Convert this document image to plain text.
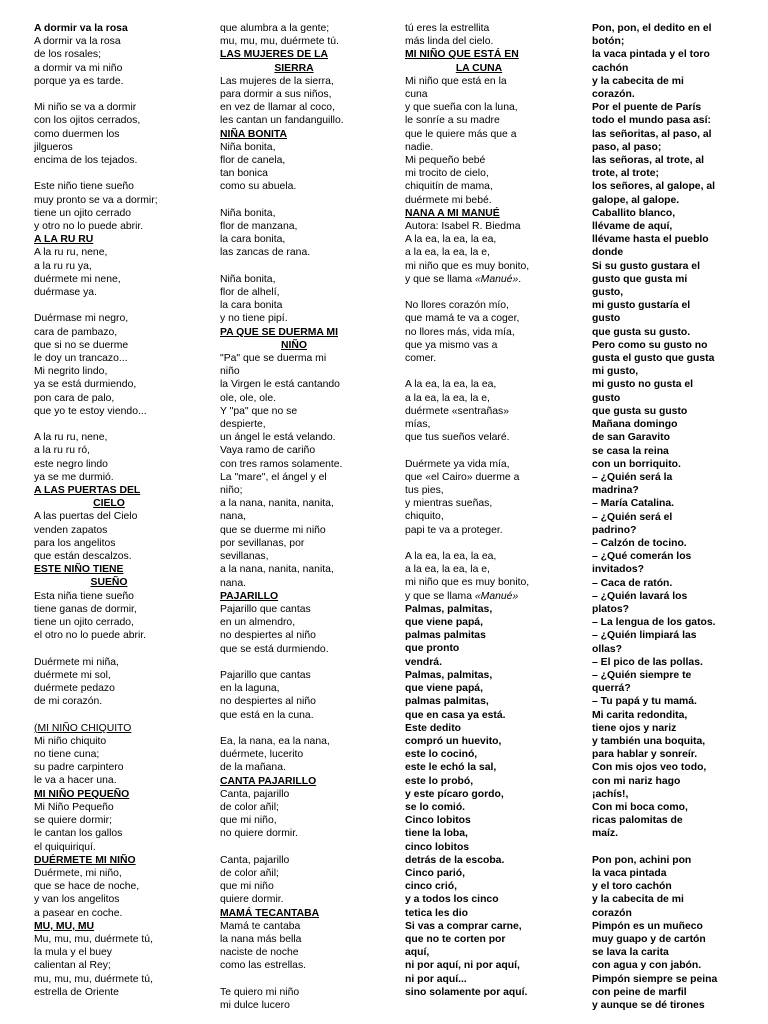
A dormir va la rosa
A dormir va la rosa
de los rosales;
a dormir va mi niño
porque ya es tarde.
Mi niño se va a dormir
con los ojitos cerrados,
como duermen los
jilgueros
encima de los tejados.
Este niño tiene sueño
muy pronto se va a dormir;
tiene un ojito cerrado
y otro no lo puede abrir.
A LA RU RU
A la ru ru, nene,
a la ru ru ya,
duérmete mi nene,
duérmase ya.
Duérmase mi negro,
cara de pambazo,
que si no se duerme
le doy un trancazo...
Mi negrito lindo,
ya se está durmiendo,
pon cara de palo,
que yo te estoy viendo...
A la ru ru, nene,
a la ru ru ró,
este negro lindo
ya se me durmió.
A LAS PUERTAS DEL
CIELO
A las puertas del Cielo
venden zapatos
para los angelitos
que están descalzos.
ESTE NIÑO TIENE
SUEÑO
Esta niña tiene sueño
tiene ganas de dormir,
tiene un ojito cerrado,
el otro no lo puede abrir.
Duérmete mi niña,
duérmete mi sol,
duérmete pedazo
de mi corazón.
(MI NIÑO CHIQUITO
Mi niño chiquito
no tiene cuna;
su padre carpintero
le va a hacer una.
MI NIÑO PEQUEÑO
Mi Niño Pequeño
se quiere dormir;
le cantan los gallos
el quiquiriquí.
DUÉRMETE MI NIÑO
Duérmete, mi niño,
que se hace de noche,
y van los angelitos
a pasear en coche.
MU, MU, MU
Mu, mu, mu, duérmete tú,
la mula y el buey
calientan al Rey;
mu, mu, mu, duérmete tú,
estrella de Oriente
que alumbra a la gente;
mu, mu, mu, duérmete tú.
LAS MUJERES DE LA
SIERRA
Las mujeres de la sierra,
para dormir a sus niños,
en vez de llamar al coco,
les cantan un fandanguillo.
NIÑA BONITA
Niña bonita,
flor de canela,
tan bonica
como su abuela.
Niña bonita,
flor de manzana,
la cara bonita,
las zancas de rana.
Niña bonita,
flor de alhelí,
la cara bonita
y no tiene pipí.
PA QUE SE DUERMA MI
NIÑO
"Pa" que se duerma mi
niño
la Virgen le está cantando
ole, ole, ole.
Y "pa" que no se
despierte,
un ángel le está velando.
Vaya ramo de cariño
con tres ramos solamente.
La "mare", el ángel y el
niño;
a la nana, nanita, nanita,
nana,
que se duerme mi niño
por sevillanas, por
sevillanas,
a la nana, nanita, nanita,
nana.
PAJARILLO
Pajarillo que cantas
en un almendro,
no despiertes al niño
que se está durmiendo.
Pajarillo que cantas
en la laguna,
no despiertes al niño
que está en la cuna.
Ea, la nana, ea la nana,
duérmete, lucerito
de la mañana.
CANTA PAJARILLO
Canta, pajarillo
de color añil;
que mi niño,
no quiere dormir.
Canta, pajarillo
de color añil;
que mi niño
quiere dormir.
MAMÁ TECANTABA
Mamá te cantaba
la nana más bella
naciste de noche
como las estrellas.
Te quiero mi niño
mi dulce lucero
tú eres la estrellita
más linda del cielo.
MI NIÑO QUE ESTÁ EN
LA CUNA
Mi niño que está en la
cuna
y que sueña con la luna,
le sonríe a su madre
que le quiere más que a
nadie.
Mi pequeño bebé
mi trocito de cielo,
chiquitín de mama,
duérmete mi bebé.
NANA A MI MANUÉ
Autora: Isabel R. Biedma
A la ea, la ea, la ea,
a la ea, la ea, la e,
mi niño que es muy bonito,
y que se llama «Manué».
No llores corazón mío,
que mamá te va a coger,
no llores más, vida mía,
que ya mismo vas a
comer.
A la ea, la ea, la ea,
a la ea, la ea, la e,
duérmete «sentrañas»
mías,
que tus sueños velaré.
Duérmete ya vida mía,
que «el Cairo» duerme a
tus pies,
y mientras sueñas,
chiquito,
papi te va a proteger.
A la ea, la ea, la ea,
a la ea, la ea, la e,
mi niño que es muy bonito,
y que se llama «Manué»
Palmas, palmitas,
que viene papá,
palmas palmitas
que pronto
vendrá.
Palmas, palmitas,
que viene papá,
palmas palmitas,
que en casa ya está.
Este dedito
compró un huevito,
este lo cocinó,
este le echó la sal,
este lo probó,
y este pícaro gordo,
se lo comió.
Cinco lobitos
tiene la loba,
cinco lobitos
detrás de la escoba.
Cinco parió,
cinco crió,
y a todos los cinco
tetica les dio
Si vas a comprar carne,
que no te corten por
aquí,
ni por aquí, ni por aquí,
ni por aquí...
sino solamente por aquí.
Pon, pon, el dedito en el
botón;
la vaca pintada y el toro
cachón
y la cabecita de mi
corazón.
Por el puente de París
todo el mundo pasa así:
las señoritas, al paso, al
paso, al paso;
las señoras, al trote, al
trote, al trote;
los señores, al galope, al
galope, al galope.
Caballito blanco,
llévame de aquí,
llévame hasta el pueblo
donde
Si su gusto gustara el
gusto que gusta mi
gusto,
mi gusto gustaría el
gusto
que gusta su gusto.
Pero como su gusto no
gusta el gusto que gusta
mi gusto,
mi gusto no gusta el
gusto
que gusta su gusto
Mañana domingo
de san Garavito
se casa la reina
con un borriquito.
– ¿Quién será la
madrina?
– María Catalina.
– ¿Quién será el
padrino?
– Calzón de tocino.
– ¿Qué comerán los
invitados?
– Caca de ratón.
– ¿Quién lavará los
platos?
– La lengua de los gatos.
– ¿Quién limpiará las
ollas?
– El pico de las pollas.
– ¿Quién siempre te
querrá?
– Tu papá y tu mamá.
Mi carita redondita,
tiene ojos y nariz
y también una boquita,
para hablar y sonreír.
Con mis ojos veo todo,
con mi nariz hago
¡achís!,
Con mi boca como,
ricas palomitas de
maíz.
Pon pon, achini pon
la vaca pintada
y el toro cachón
y la cabecita de mi
corazón
Pimpón es un muñeco
muy guapo y de cartón
se lava la carita
con agua y con jabón.
Pimpón siempre se peina
con peine de marfil
y aunque se dé tirones
